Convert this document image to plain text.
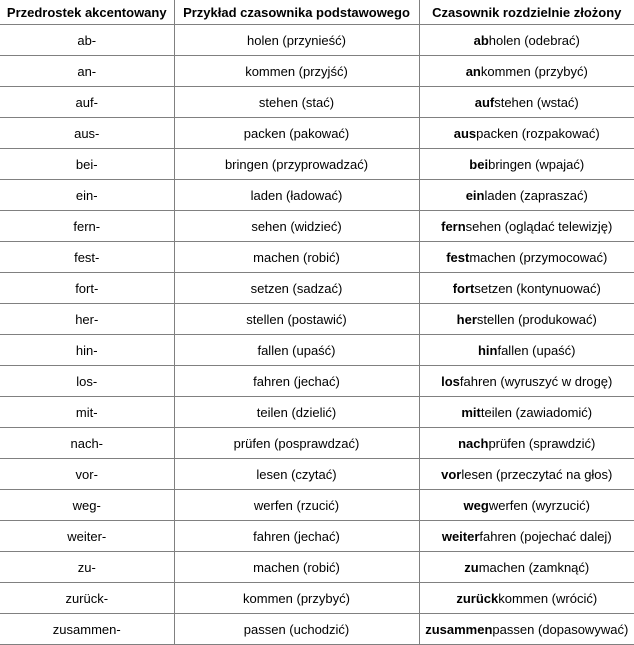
Przedrostek akcentowany	Przykład czasownika podstawowego	Czasownik rozdzielnie złożony
ab-	holen (przynieść)	abholen (odebrać)
an-	kommen (przyjść)	ankommen (przybyć)
auf-	stehen (stać)	aufstehen (wstać)
aus-	packen (pakować)	auspacken (rozpakować)
bei-	bringen (przyprowadzać)	beibringen (wpajać)
ein-	laden (ładować)	einladen (zapraszać)
fern-	sehen (widzieć)	fernsehen (oglądać telewizję)
fest-	machen (robić)	festmachen (przymocować)
fort-	setzen (sadzać)	fortsetzen (kontynuować)
her-	stellen (postawić)	herstellen (produkować)
hin-	fallen (upaść)	hinfallen (upaść)
los-	fahren (jechać)	losfahren (wyruszyć w drogę)
mit-	teilen (dzielić)	mitteilen (zawiadomić)
nach-	prüfen (posprawdzać)	nachprüfen (sprawdzić)
vor-	lesen (czytać)	vorlesen (przeczytać na głos)
weg-	werfen (rzucić)	wegwerfen (wyrzucić)
weiter-	fahren (jechać)	weiterfahren (pojechać dalej)
zu-	machen (robić)	zumachen (zamknąć)
zurück-	kommen (przybyć)	zurückkommen (wrócić)
zusammen-	passen (uchodzić)	zusammenpassen (dopasowywać)
